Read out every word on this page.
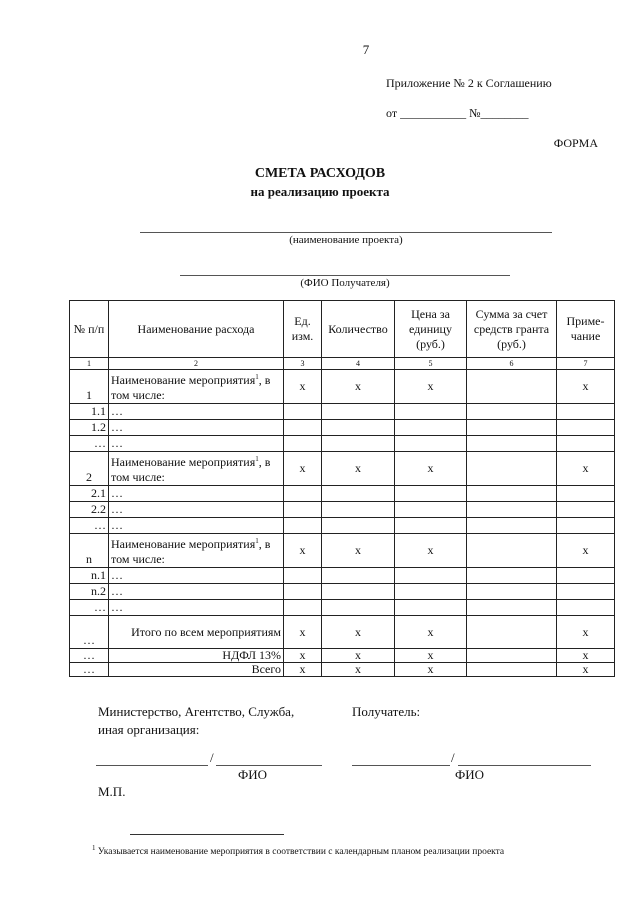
7
Приложение № 2 к Соглашению
от ___________ №________
ФОРМА
СМЕТА РАСХОДОВ
на реализацию проекта
(наименование проекта)
(ФИО Получателя)
№ п/п	Наименование расхода	Ед. изм.	Количество	Цена за единицу (руб.)	Сумма за счет средств гранта (руб.)	Приме-чание
1	2	3	4	5	6	7
1	Наименование мероприятия$^1$, в том числе:	x	x	x		x
1.1	…					
1.2	…					
…	…					
2	Наименование мероприятия$^1$, в том числе:	x	x	x		x
2.1	…					
2.2	…					
…	…					
n	Наименование мероприятия$^1$, в том числе:	x	x	x		x
n.1	…					
n.2	…					
…	…					
…	Итого по всем мероприятиям	x	x	x		x
…	НДФЛ 13%	x	x	x		x
…	Всего	x	x	x		x
Министерство, Агентство, Служба,
иная организация:
Получатель:
/
ФИО
/
ФИО
М.П.
$^1$ Указывается наименование мероприятия в соответствии с календарным планом реализации проекта
